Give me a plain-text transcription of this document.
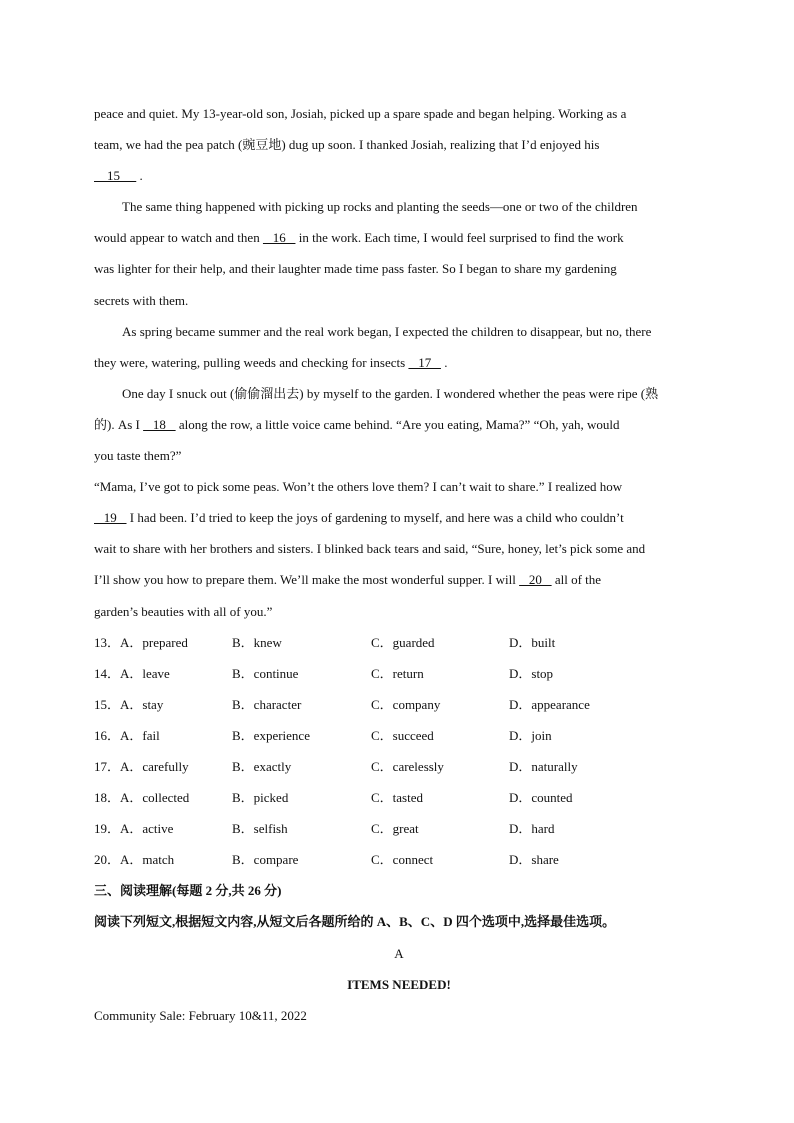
peace and quiet. My 13-year-old son, Josiah, picked up a spare spade and began helping. Working as a
team, we had the pea patch (豌豆地) dug up soon. I thanked Josiah, realizing that I’d enjoyed his
15      .
The same thing happened with picking up rocks and planting the seeds—one or two of the children
would appear to watch and then    16    in the work. Each time, I would feel surprised to find the work
was lighter for their help, and their laughter made time pass faster. So I began to share my gardening
secrets with them.
As spring became summer and the real work began, I expected the children to disappear, but no, there
they were, watering, pulling weeds and checking for insects    17    .
One day I snuck out (偷偷溜出去) by myself to the garden. I wondered whether the peas were ripe (熟
的). As I    18    along the row, a little voice came behind. “Are you eating, Mama?” “Oh, yah, would
you taste them?”
“Mama, I’ve got to pick some peas. Won’t the others love them? I can’t wait to share.” I realized how
19    I had been. I’d tried to keep the joys of gardening to myself, and here was a child who couldn’t
wait to share with her brothers and sisters. I blinked back tears and said, “Sure, honey, let’s pick some and
I’ll show you how to prepare them. We’ll make the most wonderful supper. I will    20    all of the
garden’s beauties with all of you.”
13．A．prepared	B．knew	C．guarded	D．built
14．A．leave	B．continue	C．return	D．stop
15．A．stay	B．character	C．company	D．appearance
16．A．fail	B．experience	C．succeed	D．join
17．A．carefully	B．exactly	C．carelessly	D．naturally
18．A．collected	B．picked	C．tasted	D．counted
19．A．active	B．selfish	C．great	D．hard
20．A．match	B．compare	C．connect	D．share
三、阅读理解(每题 2 分,共 26 分)
阅读下列短文,根据短文内容,从短文后各题所给的 A、B、C、D 四个选项中,选择最佳选项。
A
ITEMS NEEDED!
Community Sale: February 10&11, 2022
